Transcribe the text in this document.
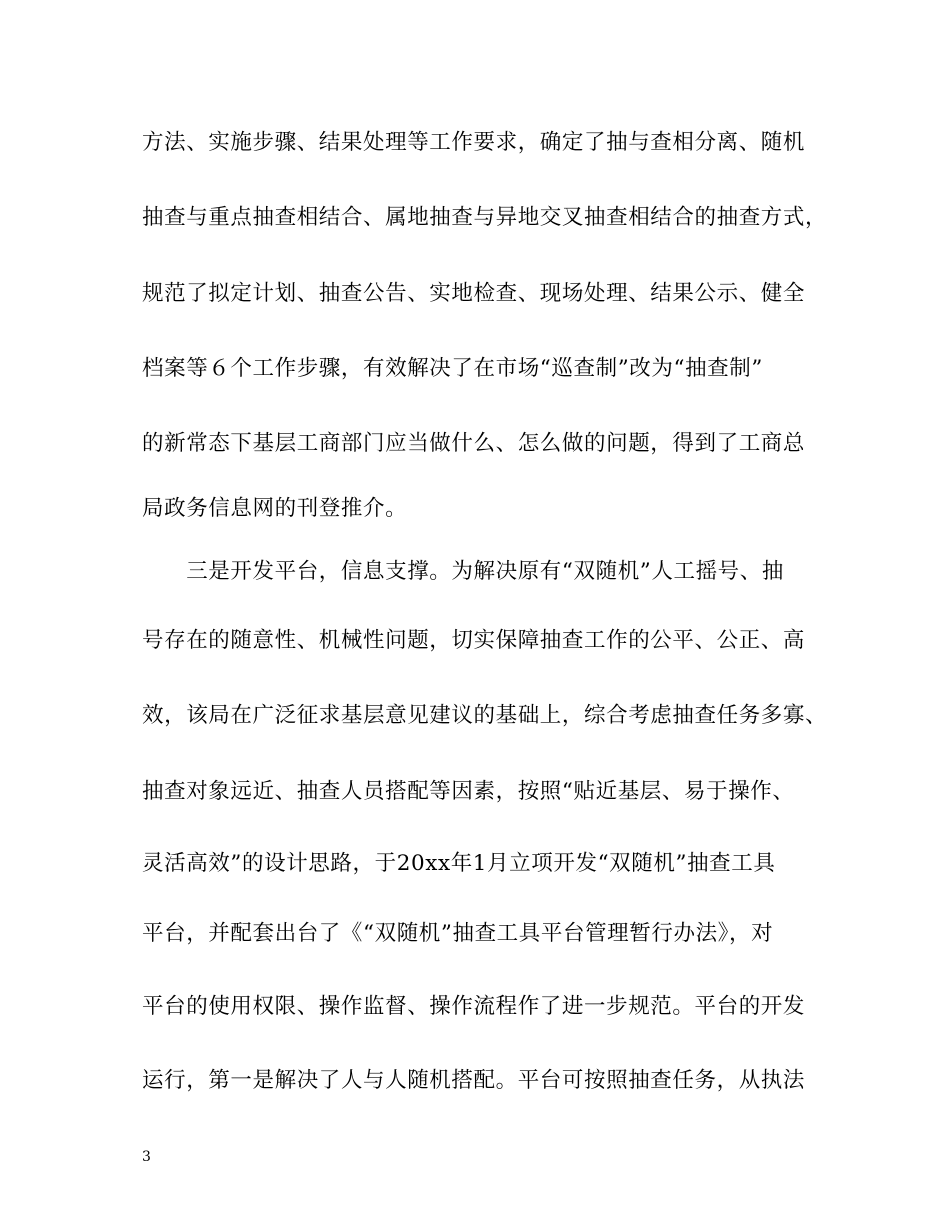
方法、实施步骤、结果处理等工作要求，确定了抽与查相分离、随机
抽查与重点抽查相结合、属地抽查与异地交叉抽查相结合的抽查方式，
规范了拟定计划、抽查公告、实地检查、现场处理、结果公示、健全
档案等６个工作步骤，有效解决了在市场“巡查制”改为“抽查制”
的新常态下基层工商部门应当做什么、怎么做的问题，得到了工商总
局政务信息网的刊登推介。
　　三是开发平台，信息支撑。为解决原有“双随机”人工摇号、抽
号存在的随意性、机械性问题，切实保障抽查工作的公平、公正、高
效，该局在广泛征求基层意见建议的基础上，综合考虑抽查任务多寡、
抽查对象远近、抽查人员搭配等因素，按照“贴近基层、易于操作、
灵活高效”的设计思路，于20xx年1月立项开发“双随机”抽查工具
平台，并配套出台了《“双随机”抽查工具平台管理暂行办法》，对
平台的使用权限、操作监督、操作流程作了进一步规范。平台的开发
运行，第一是解决了人与人随机搭配。平台可按照抽查任务，从执法
3
